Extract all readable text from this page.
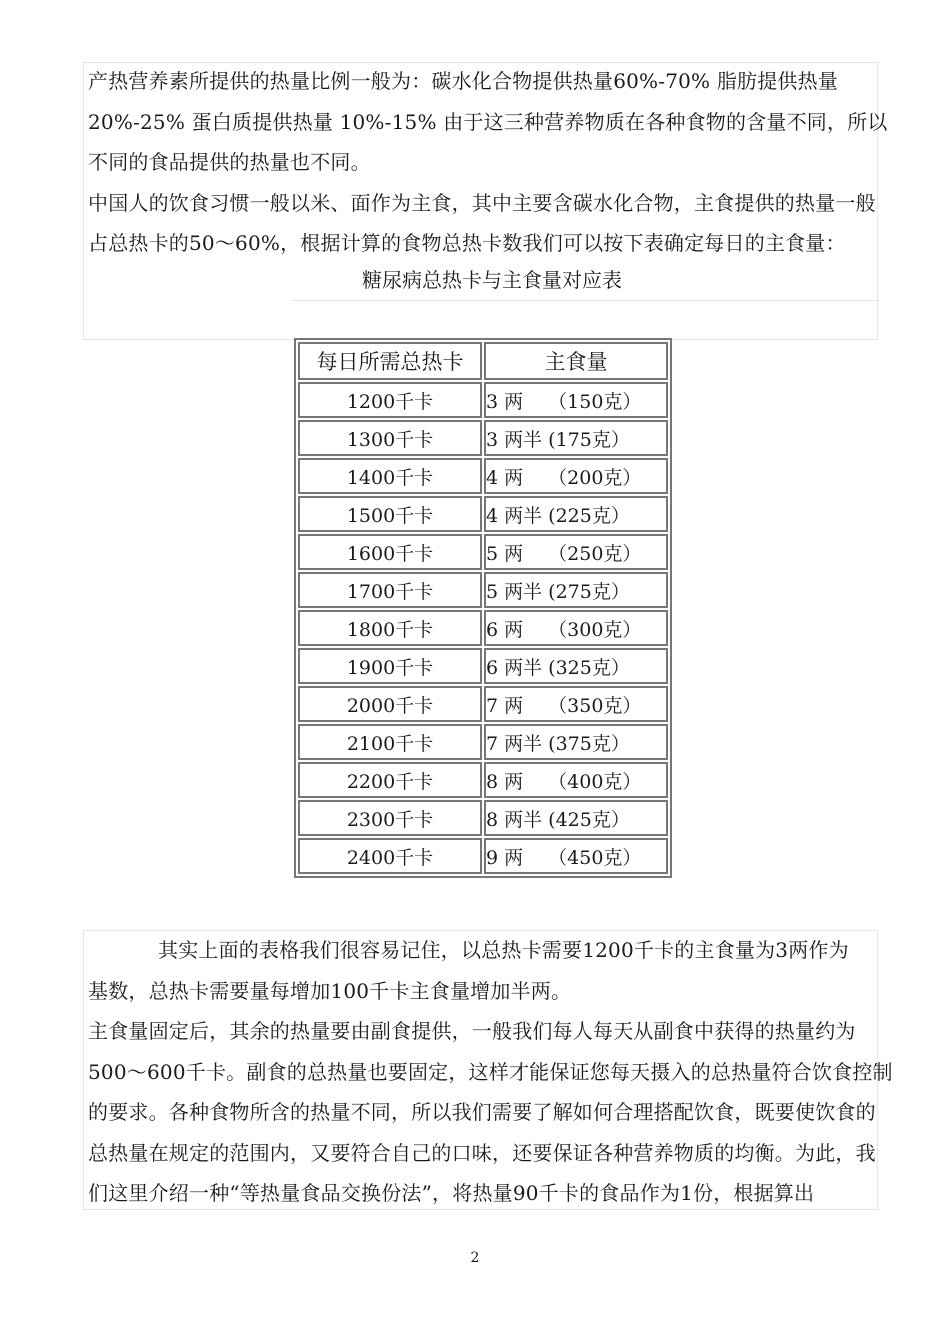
产热营养素所提供的热量比例一般为：碳水化合物提供热量60%-70% 脂肪提供热量
20%-25% 蛋白质提供热量 10%-15% 由于这三种营养物质在各种食物的含量不同，所以
不同的食品提供的热量也不同。
中国人的饮食习惯一般以米、面作为主食，其中主要含碳水化合物，主食提供的热量一般
占总热卡的50～60%，根据计算的食物总热卡数我们可以按下表确定每日的主食量：
糖尿病总热卡与主食量对应表
每日所需总热卡	主食量
1200千卡	3 两　 （150克）
1300千卡	3 两半 (175克）
1400千卡	4 两　 （200克）
1500千卡	4 两半 (225克）
1600千卡	5 两　 （250克）
1700千卡	5 两半 (275克）
1800千卡	6 两　 （300克）
1900千卡	6 两半 (325克）
2000千卡	7 两　 （350克）
2100千卡	7 两半 (375克）
2200千卡	8 两　 （400克）
2300千卡	8 两半 (425克）
2400千卡	9 两　 （450克）
其实上面的表格我们很容易记住，以总热卡需要1200千卡的主食量为3两作为
基数，总热卡需要量每增加100千卡主食量增加半两。
主食量固定后，其余的热量要由副食提供，一般我们每人每天从副食中获得的热量约为
500～600千卡。副食的总热量也要固定，这样才能保证您每天摄入的总热量符合饮食控制
的要求。各种食物所含的热量不同，所以我们需要了解如何合理搭配饮食，既要使饮食的
总热量在规定的范围内，又要符合自己的口味，还要保证各种营养物质的均衡。为此，我
们这里介绍一种“等热量食品交换份法”，将热量90千卡的食品作为1份，根据算出
2
